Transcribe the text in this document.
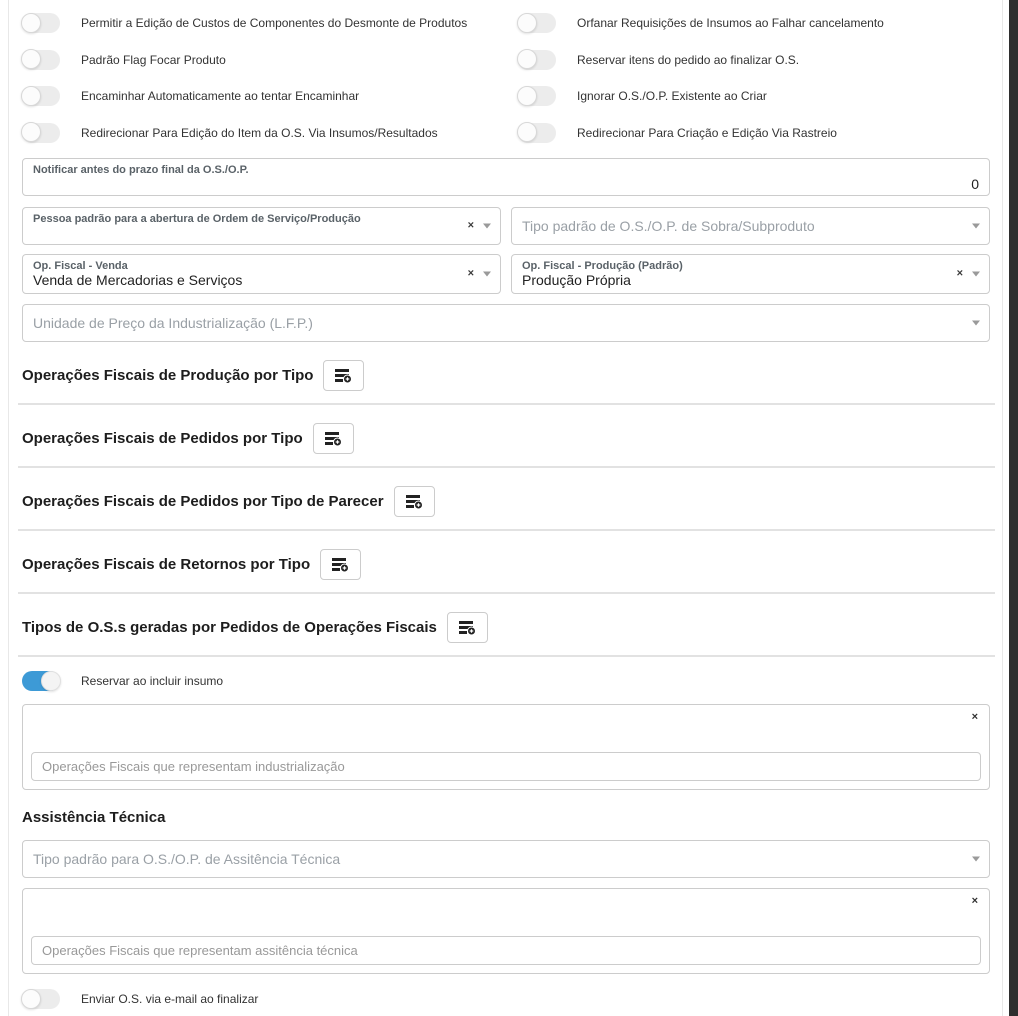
Permitir a Edição de Custos de Componentes do Desmonte de Produtos	Orfanar Requisições de Insumos ao Falhar cancelamento
Padrão Flag Focar Produto	Reservar itens do pedido ao finalizar O.S.
Encaminhar Automaticamente ao tentar Encaminhar	Ignorar O.S./O.P. Existente ao Criar
Redirecionar Para Edição do Item da O.S. Via Insumos/Resultados	Redirecionar Para Criação e Edição Via Rastreio
Notificar antes do prazo final da O.S./O.P.
0
Pessoa padrão para a abertura de Ordem de Serviço/Produção
×	Tipo padrão de O.S./O.P. de Sobra/Subproduto
Op. Fiscal - Venda
Venda de Mercadorias e Serviços	×
Op. Fiscal - Produção (Padrão)
Produção Própria	×
Unidade de Preço da Industrialização (L.F.P.)
Operações Fiscais de Produção por Tipo
Operações Fiscais de Pedidos por Tipo
Operações Fiscais de Pedidos por Tipo de Parecer
Operações Fiscais de Retornos por Tipo
Tipos de O.S.s geradas por Pedidos de Operações Fiscais
Reservar ao incluir insumo
×
Operações Fiscais que representam industrialização
Assistência Técnica
Tipo padrão para O.S./O.P. de Assitência Técnica
×
Operações Fiscais que representam assitência técnica
Enviar O.S. via e-mail ao finalizar
